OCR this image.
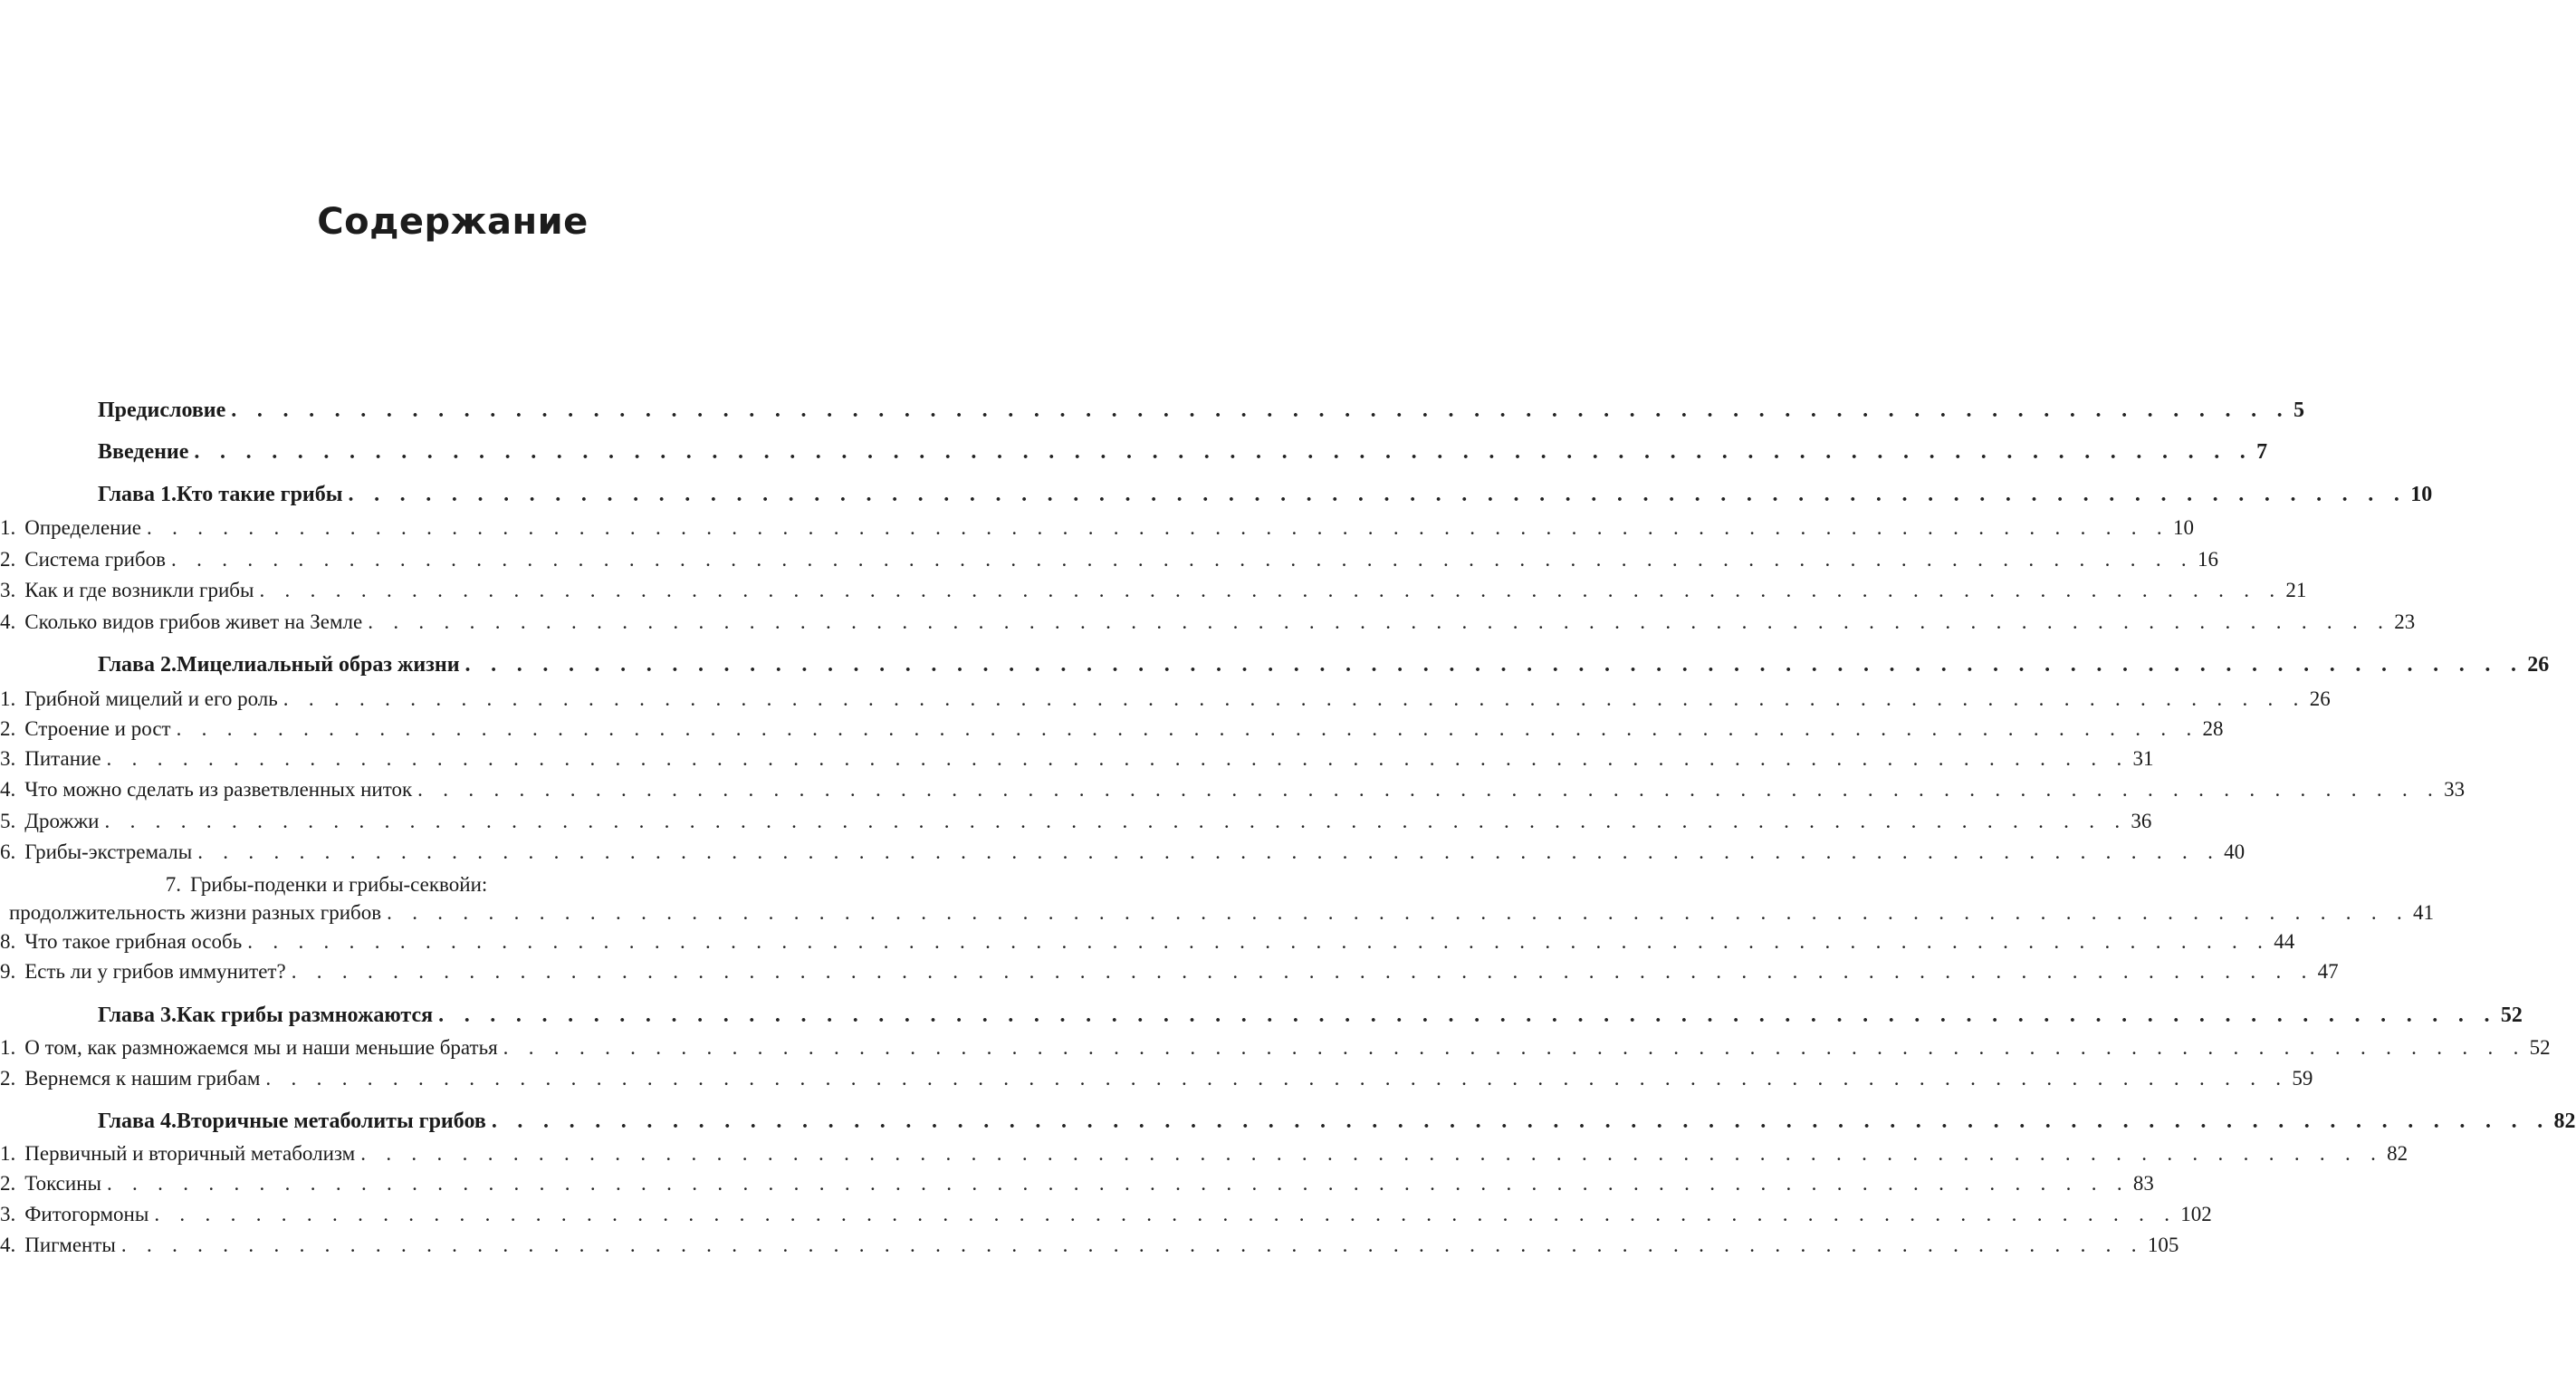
Содержание
Предисловие . . . . . . . . . . . . . . . . . . . . . . . . . . . . . . . . . . . . . . . . . . . . . . . . . . . . . . . . . . . . . . . . . . . . . . . . . . . . . . . . 5
Введение . . . . . . . . . . . . . . . . . . . . . . . . . . . . . . . . . . . . . . . . . . . . . . . . . . . . . . . . . . . . . . . . . . . . . . . . . . . . . . . . 7
Глава 1. Кто такие грибы . . . . . . . . . . . . . . . . . . . . . . . . . . . . . . . . . . . . . . . . . . . . . . . . . . . . . . . . . . . . . . . . . . . . . . . . . . . . . . . . 10
1. Определение . . . . . . . . . . . . . . . . . . . . . . . . . . . . . . . . . . . . . . . . . . . . . . . . . . . . . . . . . . . . . . . . . . . . . . . . . . . . . . . . 10
2. Система грибов . . . . . . . . . . . . . . . . . . . . . . . . . . . . . . . . . . . . . . . . . . . . . . . . . . . . . . . . . . . . . . . . . . . . . . . . . . . . . . . . 16
3. Как и где возникли грибы . . . . . . . . . . . . . . . . . . . . . . . . . . . . . . . . . . . . . . . . . . . . . . . . . . . . . . . . . . . . . . . . . . . . . . . . . . . . . . . . 21
4. Сколько видов грибов живет на Земле . . . . . . . . . . . . . . . . . . . . . . . . . . . . . . . . . . . . . . . . . . . . . . . . . . . . . . . . . . . . . . . . . . . . . . . . . . . . . . . . 23
Глава 2. Мицелиальный образ жизни . . . . . . . . . . . . . . . . . . . . . . . . . . . . . . . . . . . . . . . . . . . . . . . . . . . . . . . . . . . . . . . . . . . . . . . . . . . . . . . . 26
1. Грибной мицелий и его роль . . . . . . . . . . . . . . . . . . . . . . . . . . . . . . . . . . . . . . . . . . . . . . . . . . . . . . . . . . . . . . . . . . . . . . . . . . . . . . . . 26
2. Строение и рост . . . . . . . . . . . . . . . . . . . . . . . . . . . . . . . . . . . . . . . . . . . . . . . . . . . . . . . . . . . . . . . . . . . . . . . . . . . . . . . . 28
3. Питание . . . . . . . . . . . . . . . . . . . . . . . . . . . . . . . . . . . . . . . . . . . . . . . . . . . . . . . . . . . . . . . . . . . . . . . . . . . . . . . . 31
4. Что можно сделать из разветвленных ниток . . . . . . . . . . . . . . . . . . . . . . . . . . . . . . . . . . . . . . . . . . . . . . . . . . . . . . . . . . . . . . . . . . . . . . . . . . . . . . . . 33
5. Дрожжи . . . . . . . . . . . . . . . . . . . . . . . . . . . . . . . . . . . . . . . . . . . . . . . . . . . . . . . . . . . . . . . . . . . . . . . . . . . . . . . . 36
6. Грибы-экстремалы . . . . . . . . . . . . . . . . . . . . . . . . . . . . . . . . . . . . . . . . . . . . . . . . . . . . . . . . . . . . . . . . . . . . . . . . . . . . . . . . 40
7. Грибы-поденки и грибы-секвойи:
продолжительность жизни разных грибов . . . . . . . . . . . . . . . . . . . . . . . . . . . . . . . . . . . . . . . . . . . . . . . . . . . . . . . . . . . . . . . . . . . . . . . . . . . . . . . . 41
8. Что такое грибная особь . . . . . . . . . . . . . . . . . . . . . . . . . . . . . . . . . . . . . . . . . . . . . . . . . . . . . . . . . . . . . . . . . . . . . . . . . . . . . . . . 44
9. Есть ли у грибов иммунитет? . . . . . . . . . . . . . . . . . . . . . . . . . . . . . . . . . . . . . . . . . . . . . . . . . . . . . . . . . . . . . . . . . . . . . . . . . . . . . . . . 47
Глава 3. Как грибы размножаются . . . . . . . . . . . . . . . . . . . . . . . . . . . . . . . . . . . . . . . . . . . . . . . . . . . . . . . . . . . . . . . . . . . . . . . . . . . . . . . . 52
1. О том, как размножаемся мы и наши меньшие братья . . . . . . . . . . . . . . . . . . . . . . . . . . . . . . . . . . . . . . . . . . . . . . . . . . . . . . . . . . . . . . . . . . . . . . . . . . . . . . . . 52
2. Вернемся к нашим грибам . . . . . . . . . . . . . . . . . . . . . . . . . . . . . . . . . . . . . . . . . . . . . . . . . . . . . . . . . . . . . . . . . . . . . . . . . . . . . . . . 59
Глава 4. Вторичные метаболиты грибов . . . . . . . . . . . . . . . . . . . . . . . . . . . . . . . . . . . . . . . . . . . . . . . . . . . . . . . . . . . . . . . . . . . . . . . . . . . . . . . . 82
1. Первичный и вторичный метаболизм . . . . . . . . . . . . . . . . . . . . . . . . . . . . . . . . . . . . . . . . . . . . . . . . . . . . . . . . . . . . . . . . . . . . . . . . . . . . . . . . 82
2. Токсины . . . . . . . . . . . . . . . . . . . . . . . . . . . . . . . . . . . . . . . . . . . . . . . . . . . . . . . . . . . . . . . . . . . . . . . . . . . . . . . . 83
3. Фитогормоны . . . . . . . . . . . . . . . . . . . . . . . . . . . . . . . . . . . . . . . . . . . . . . . . . . . . . . . . . . . . . . . . . . . . . . . . . . . . . . . . 102
4. Пигменты . . . . . . . . . . . . . . . . . . . . . . . . . . . . . . . . . . . . . . . . . . . . . . . . . . . . . . . . . . . . . . . . . . . . . . . . . . . . . . . . 105
